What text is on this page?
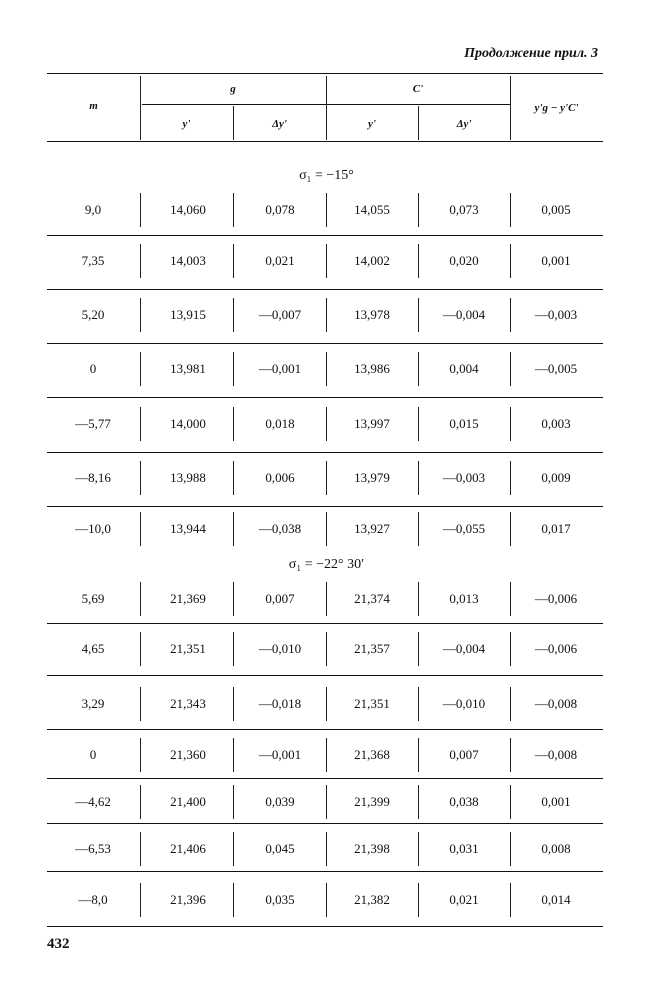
Продолжение прил. 3
m
g	C'
y'	Δy'	y'	Δy'
y'g − y'C'
σ₁ = −15°
σ₁ = −22° 30′
9,0	14,060	0,078	14,055	0,073	0,005
7,35	14,003	0,021	14,002	0,020	0,001
5,20	13,915	—0,007	13,978	—0,004	—0,003
0	13,981	—0,001	13,986	0,004	—0,005
—5,77	14,000	0,018	13,997	0,015	0,003
—8,16	13,988	0,006	13,979	—0,003	0,009
—10,0	13,944	—0,038	13,927	—0,055	0,017
5,69	21,369	0,007	21,374	0,013	—0,006
4,65	21,351	—0,010	21,357	—0,004	—0,006
3,29	21,343	—0,018	21,351	—0,010	—0,008
0	21,360	—0,001	21,368	0,007	—0,008
—4,62	21,400	0,039	21,399	0,038	0,001
—6,53	21,406	0,045	21,398	0,031	0,008
—8,0	21,396	0,035	21,382	0,021	0,014
432
